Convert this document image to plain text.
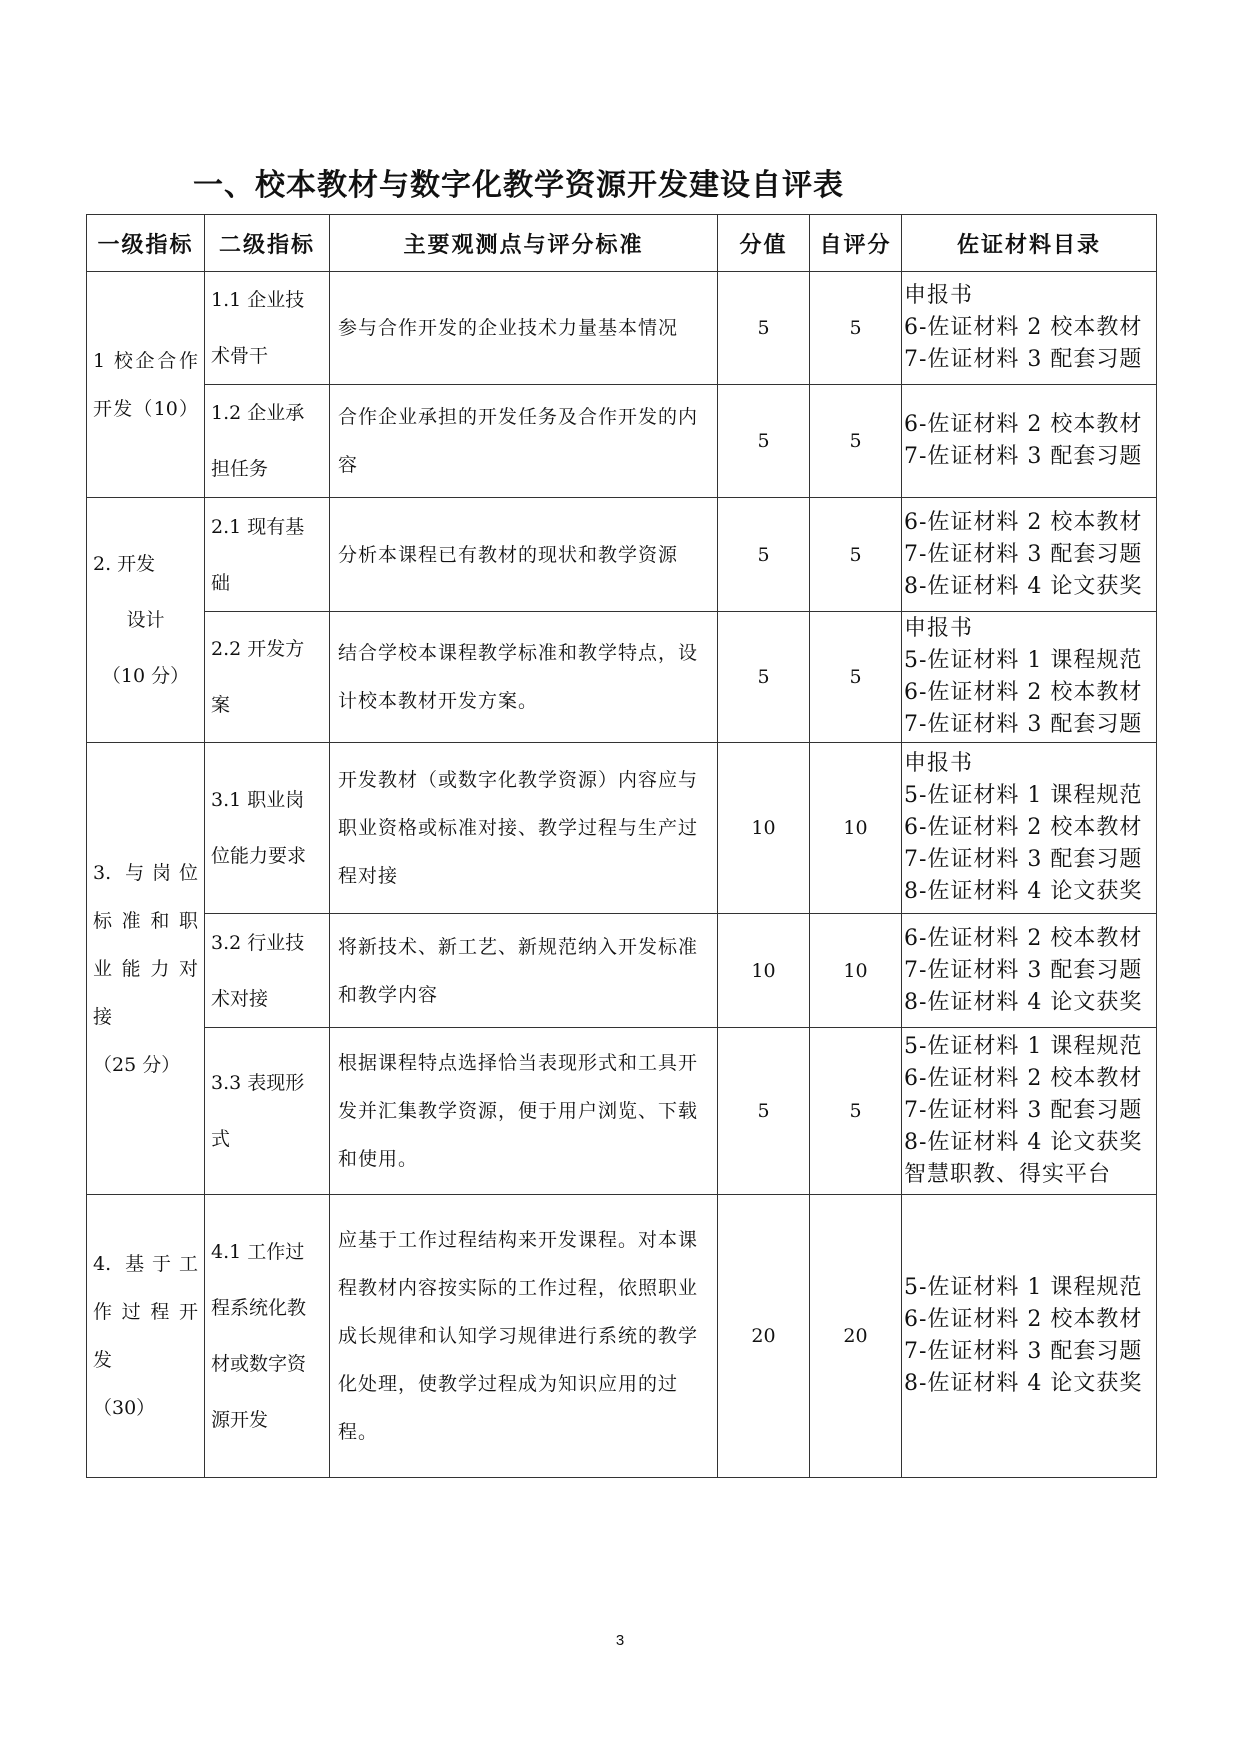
一、校本教材与数字化教学资源开发建设自评表
一级指标	二级指标	主要观测点与评分标准	分值	自评分	佐证材料目录

1 校企合作
开发（10）	1.1 企业技术骨干	参与合作开发的企业技术力量基本情况	5	5	申报书
6-佐证材料 2 校本教材
7-佐证材料 3 配套习题

	1.2 企业承担任务	合作企业承担的开发任务及合作开发的内容	5	5	6-佐证材料 2 校本教材
7-佐证材料 3 配套习题

2. 开发
设计
（10 分）	2.1 现有基础	分析本课程已有教材的现状和教学资源	5	5	6-佐证材料 2 校本教材
7-佐证材料 3 配套习题
8-佐证材料 4 论文获奖

	2.2 开发方案	结合学校本课程教学标准和教学特点，设计校本教材开发方案。	5	5	申报书
5-佐证材料 1 课程规范
6-佐证材料 2 校本教材
7-佐证材料 3 配套习题

3. 与岗位
标准和职
业能力对
接
（25 分）	3.1 职业岗位能力要求	开发教材（或数字化教学资源）内容应与职业资格或标准对接、教学过程与生产过程对接	10	10	申报书
5-佐证材料 1 课程规范
6-佐证材料 2 校本教材
7-佐证材料 3 配套习题
8-佐证材料 4 论文获奖

	3.2 行业技术对接	将新技术、新工艺、新规范纳入开发标准和教学内容	10	10	6-佐证材料 2 校本教材
7-佐证材料 3 配套习题
8-佐证材料 4 论文获奖

	3.3 表现形式	根据课程特点选择恰当表现形式和工具开发并汇集教学资源，便于用户浏览、下载和使用。	5	5	5-佐证材料 1 课程规范
6-佐证材料 2 校本教材
7-佐证材料 3 配套习题
8-佐证材料 4 论文获奖
智慧职教、得实平台

4. 基于工
作过程开
发
（30）	4.1 工作过程系统化教材或数字资源开发	应基于工作过程结构来开发课程。对本课程教材内容按实际的工作过程，依照职业成长规律和认知学习规律进行系统的教学化处理，使教学过程成为知识应用的过程。	20	20	5-佐证材料 1 课程规范
6-佐证材料 2 校本教材
7-佐证材料 3 配套习题
8-佐证材料 4 论文获奖
3
